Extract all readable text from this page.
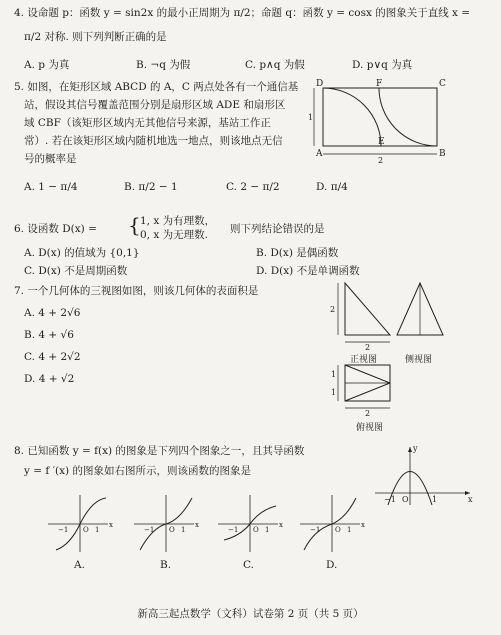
4. 设命题 p：函数 y = sin2x 的最小正周期为 π/2；命题 q：函数 y = cosx 的图象关于直线 x =
π/2 对称. 则下列判断正确的是
A. p 为真	B. ¬q 为假	C. p∧q 为假	D. p∨q 为真
5. 如图，在矩形区域 ABCD 的 A，C 两点处各有一个通信基
站，假设其信号覆盖范围分别是扇形区域 ADE 和扇形区
域 CBF（该矩形区域内无其他信号来源，基站工作正
常）. 若在该矩形区域内随机地选一地点，则该地点无信
号的概率是
A. 1 − π/4	B. π/2 − 1	C. 2 − π/2	D. π/4
D	F	C
A
E
B
1
2
6. 设函数 D(x) = { 1, x 为有理数，
0, x 为无理数. 则下列结论错误的是
A. D(x) 的值域为 {0,1}	B. D(x) 是偶函数
C. D(x) 不是周期函数	D. D(x) 不是单调函数
7. 一个几何体的三视图如图，则该几何体的表面积是
A. 4 + 2√6
B. 4 + √6
C. 4 + 2√2
D. 4 + √2
2
2
2
1
1
正视图	侧视图
俯视图
8. 已知函数 y = f(x) 的图象是下列四个图象之一，且其导函数
y = f ′(x) 的图象如右图所示，则该函数的图象是
−1 O	1	x
y
−1 O 1
x
−1 O 1
x
−1 O 1
x
−1 O 1
x
A.	B.	C.	D.
新高三起点数学（文科）试卷第 2 页（共 5 页）
